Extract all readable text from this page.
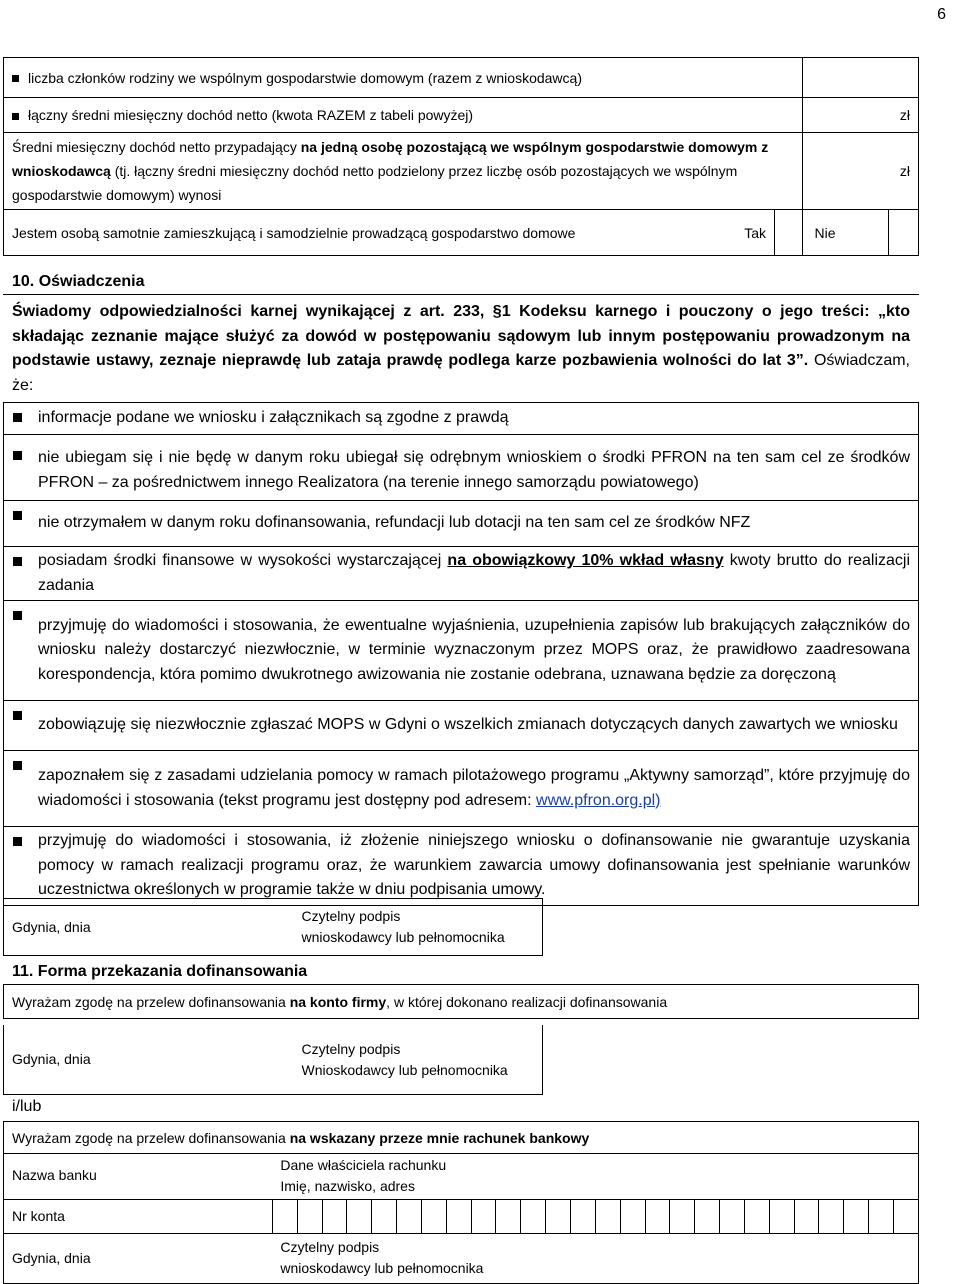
6
liczba członków rodziny we wspólnym gospodarstwie domowym (razem z wnioskodawcą)			
łączny średni miesięczny dochód netto (kwota RAZEM z tabeli powyżej)			zł
Średni miesięczny dochód netto przypadający na jedną osobę pozostającą we wspólnym gospodarstwie domowym z wnioskodawcą (tj. łączny średni miesięczny dochód netto podzielony przez liczbę osób pozostających we wspólnym gospodarstwie domowym) wynosi			zł
Jestem osobą samotnie zamieszkującą i samodzielnie prowadzącą gospodarstwo domowe	Tak		Nie
10. Oświadczenia
Świadomy odpowiedzialności karnej wynikającej z art. 233, §1 Kodeksu karnego i pouczony o jego treści: „kto składając zeznanie mające służyć za dowód w postępowaniu sądowym lub innym postępowaniu prowadzonym na podstawie ustawy, zeznaje nieprawdę lub zataja prawdę podlega karze pozbawienia wolności do lat 3”. Oświadczam, że:
informacje podane we wniosku i załącznikach są zgodne z prawdą

nie ubiegam się i nie będę w danym roku ubiegał się odrębnym wnioskiem o środki PFRON na ten sam cel ze środków PFRON – za pośrednictwem innego Realizatora (na terenie innego samorządu powiatowego)

nie otrzymałem w danym roku dofinansowania, refundacji lub dotacji na ten sam cel ze środków NFZ

posiadam środki finansowe w wysokości wystarczającej na obowiązkowy 10% wkład własny kwoty brutto do realizacji zadania

przyjmuję do wiadomości i stosowania, że ewentualne wyjaśnienia, uzupełnienia zapisów lub brakujących załączników do wniosku należy dostarczyć niezwłocznie, w terminie wyznaczonym przez MOPS oraz, że prawidłowo zaadresowana korespondencja, która pomimo dwukrotnego awizowania nie zostanie odebrana, uznawana będzie za doręczoną

zobowiązuję się niezwłocznie zgłaszać MOPS w Gdyni o wszelkich zmianach dotyczących danych zawartych we wniosku

zapoznałem się z zasadami udzielania pomocy w ramach pilotażowego programu „Aktywny samorząd”, które przyjmuję do wiadomości i stosowania (tekst programu jest dostępny pod adresem: www.pfron.org.pl)

przyjmuję do wiadomości i stosowania, iż złożenie niniejszego wniosku o dofinansowanie nie gwarantuje uzyskania pomocy w ramach realizacji programu oraz, że warunkiem zawarcia umowy dofinansowania jest spełnianie warunków uczestnictwa określonych w programie także w dniu podpisania umowy.
Gdynia, dnia	
Czytelny podpis
wnioskodawcy lub pełnomocnika
11. Forma przekazania dofinansowania
Wyrażam zgodę na przelew dofinansowania na konto firmy, w której dokonano realizacji dofinansowania
Gdynia, dnia	
Czytelny podpis
Wnioskodawcy lub pełnomocnika
i/lub
Wyrażam zgodę na przelew dofinansowania na wskazany przeze mnie rachunek bankowy
Nazwa banku	Dane właściciela rachunku
Imię, nazwisko, adres																									

Nr konta																										
Gdynia, dnia	Czytelny podpis
wnioskodawcy lub pełnomocnika																									
